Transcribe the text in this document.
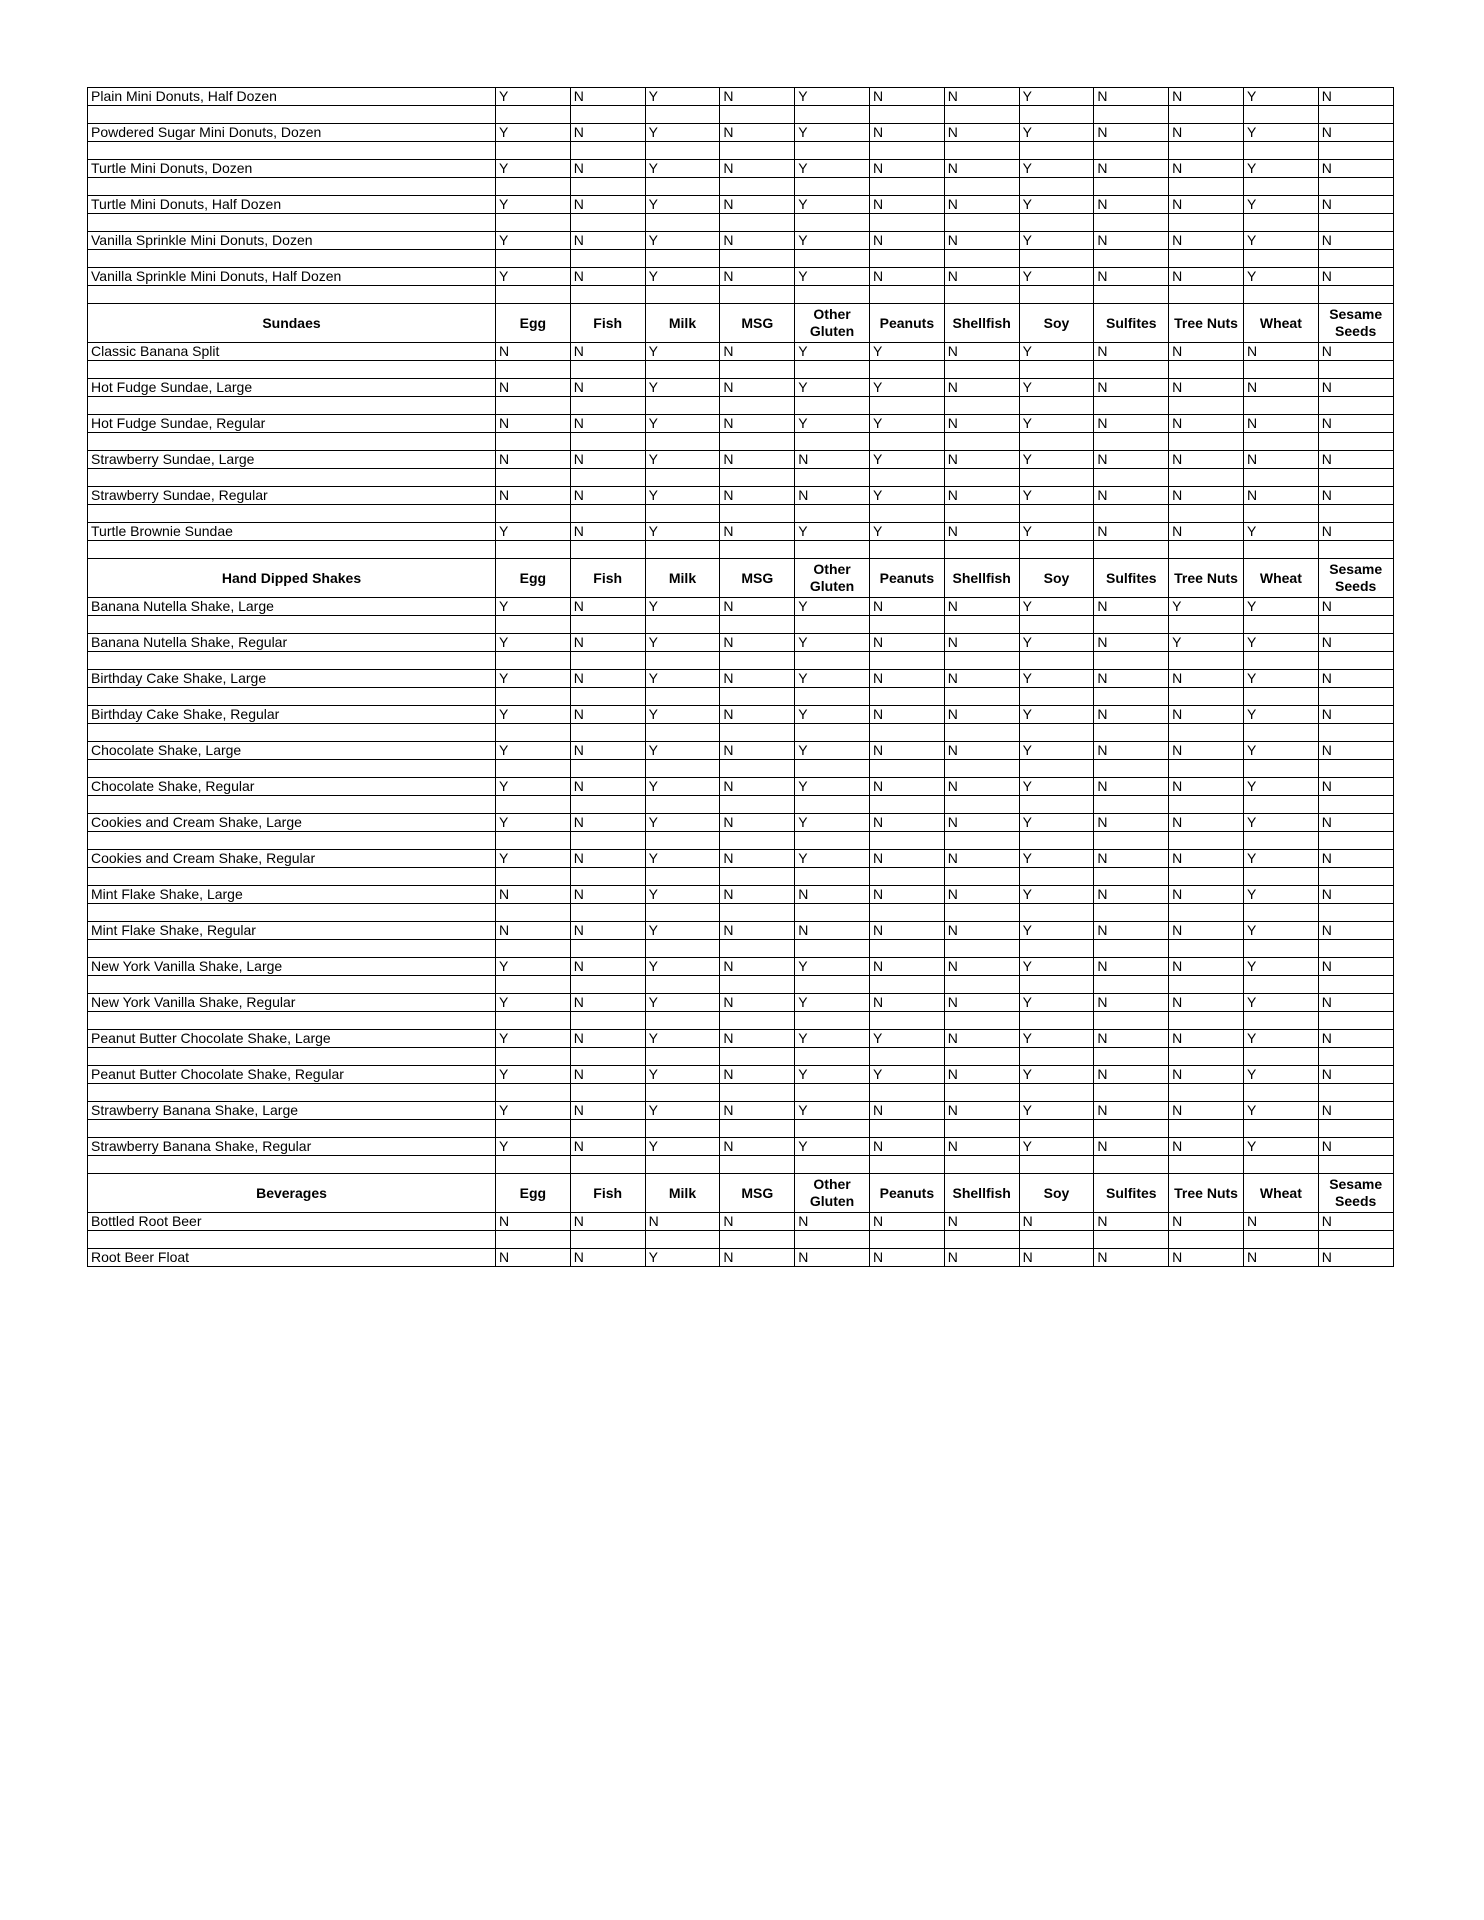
Plain Mini Donuts, Half Dozen	Y	N	Y	N	Y	N	N	Y	N	N	Y	N

Powdered Sugar Mini Donuts, Dozen	Y	N	Y	N	Y	N	N	Y	N	N	Y	N

Turtle Mini Donuts, Dozen	Y	N	Y	N	Y	N	N	Y	N	N	Y	N

Turtle Mini Donuts, Half Dozen	Y	N	Y	N	Y	N	N	Y	N	N	Y	N

Vanilla Sprinkle Mini Donuts, Dozen	Y	N	Y	N	Y	N	N	Y	N	N	Y	N

Vanilla Sprinkle Mini Donuts, Half Dozen	Y	N	Y	N	Y	N	N	Y	N	N	Y	N

Sundaes	Egg	Fish	Milk	MSG	Other Gluten	Peanuts	Shellfish	Soy	Sulfites	Tree Nuts	Wheat	Sesame Seeds
Classic Banana Split	N	N	Y	N	Y	Y	N	Y	N	N	N	N

Hot Fudge Sundae, Large	N	N	Y	N	Y	Y	N	Y	N	N	N	N

Hot Fudge Sundae, Regular	N	N	Y	N	Y	Y	N	Y	N	N	N	N

Strawberry Sundae, Large	N	N	Y	N	N	Y	N	Y	N	N	N	N

Strawberry Sundae, Regular	N	N	Y	N	N	Y	N	Y	N	N	N	N

Turtle Brownie Sundae	Y	N	Y	N	Y	Y	N	Y	N	N	Y	N

Hand Dipped Shakes	Egg	Fish	Milk	MSG	Other Gluten	Peanuts	Shellfish	Soy	Sulfites	Tree Nuts	Wheat	Sesame Seeds
Banana Nutella Shake, Large	Y	N	Y	N	Y	N	N	Y	N	Y	Y	N

Banana Nutella Shake, Regular	Y	N	Y	N	Y	N	N	Y	N	Y	Y	N

Birthday Cake Shake, Large	Y	N	Y	N	Y	N	N	Y	N	N	Y	N

Birthday Cake Shake, Regular	Y	N	Y	N	Y	N	N	Y	N	N	Y	N

Chocolate Shake, Large	Y	N	Y	N	Y	N	N	Y	N	N	Y	N

Chocolate Shake, Regular	Y	N	Y	N	Y	N	N	Y	N	N	Y	N

Cookies and Cream Shake, Large	Y	N	Y	N	Y	N	N	Y	N	N	Y	N

Cookies and Cream Shake, Regular	Y	N	Y	N	Y	N	N	Y	N	N	Y	N

Mint Flake Shake, Large	N	N	Y	N	N	N	N	Y	N	N	Y	N

Mint Flake Shake, Regular	N	N	Y	N	N	N	N	Y	N	N	Y	N

New York Vanilla Shake, Large	Y	N	Y	N	Y	N	N	Y	N	N	Y	N

New York Vanilla Shake, Regular	Y	N	Y	N	Y	N	N	Y	N	N	Y	N

Peanut Butter Chocolate Shake, Large	Y	N	Y	N	Y	Y	N	Y	N	N	Y	N

Peanut Butter Chocolate Shake, Regular	Y	N	Y	N	Y	Y	N	Y	N	N	Y	N

Strawberry Banana Shake, Large	Y	N	Y	N	Y	N	N	Y	N	N	Y	N

Strawberry Banana Shake, Regular	Y	N	Y	N	Y	N	N	Y	N	N	Y	N

Beverages	Egg	Fish	Milk	MSG	Other Gluten	Peanuts	Shellfish	Soy	Sulfites	Tree Nuts	Wheat	Sesame Seeds
Bottled Root Beer	N	N	N	N	N	N	N	N	N	N	N	N

Root Beer Float	N	N	Y	N	N	N	N	N	N	N	N	N
